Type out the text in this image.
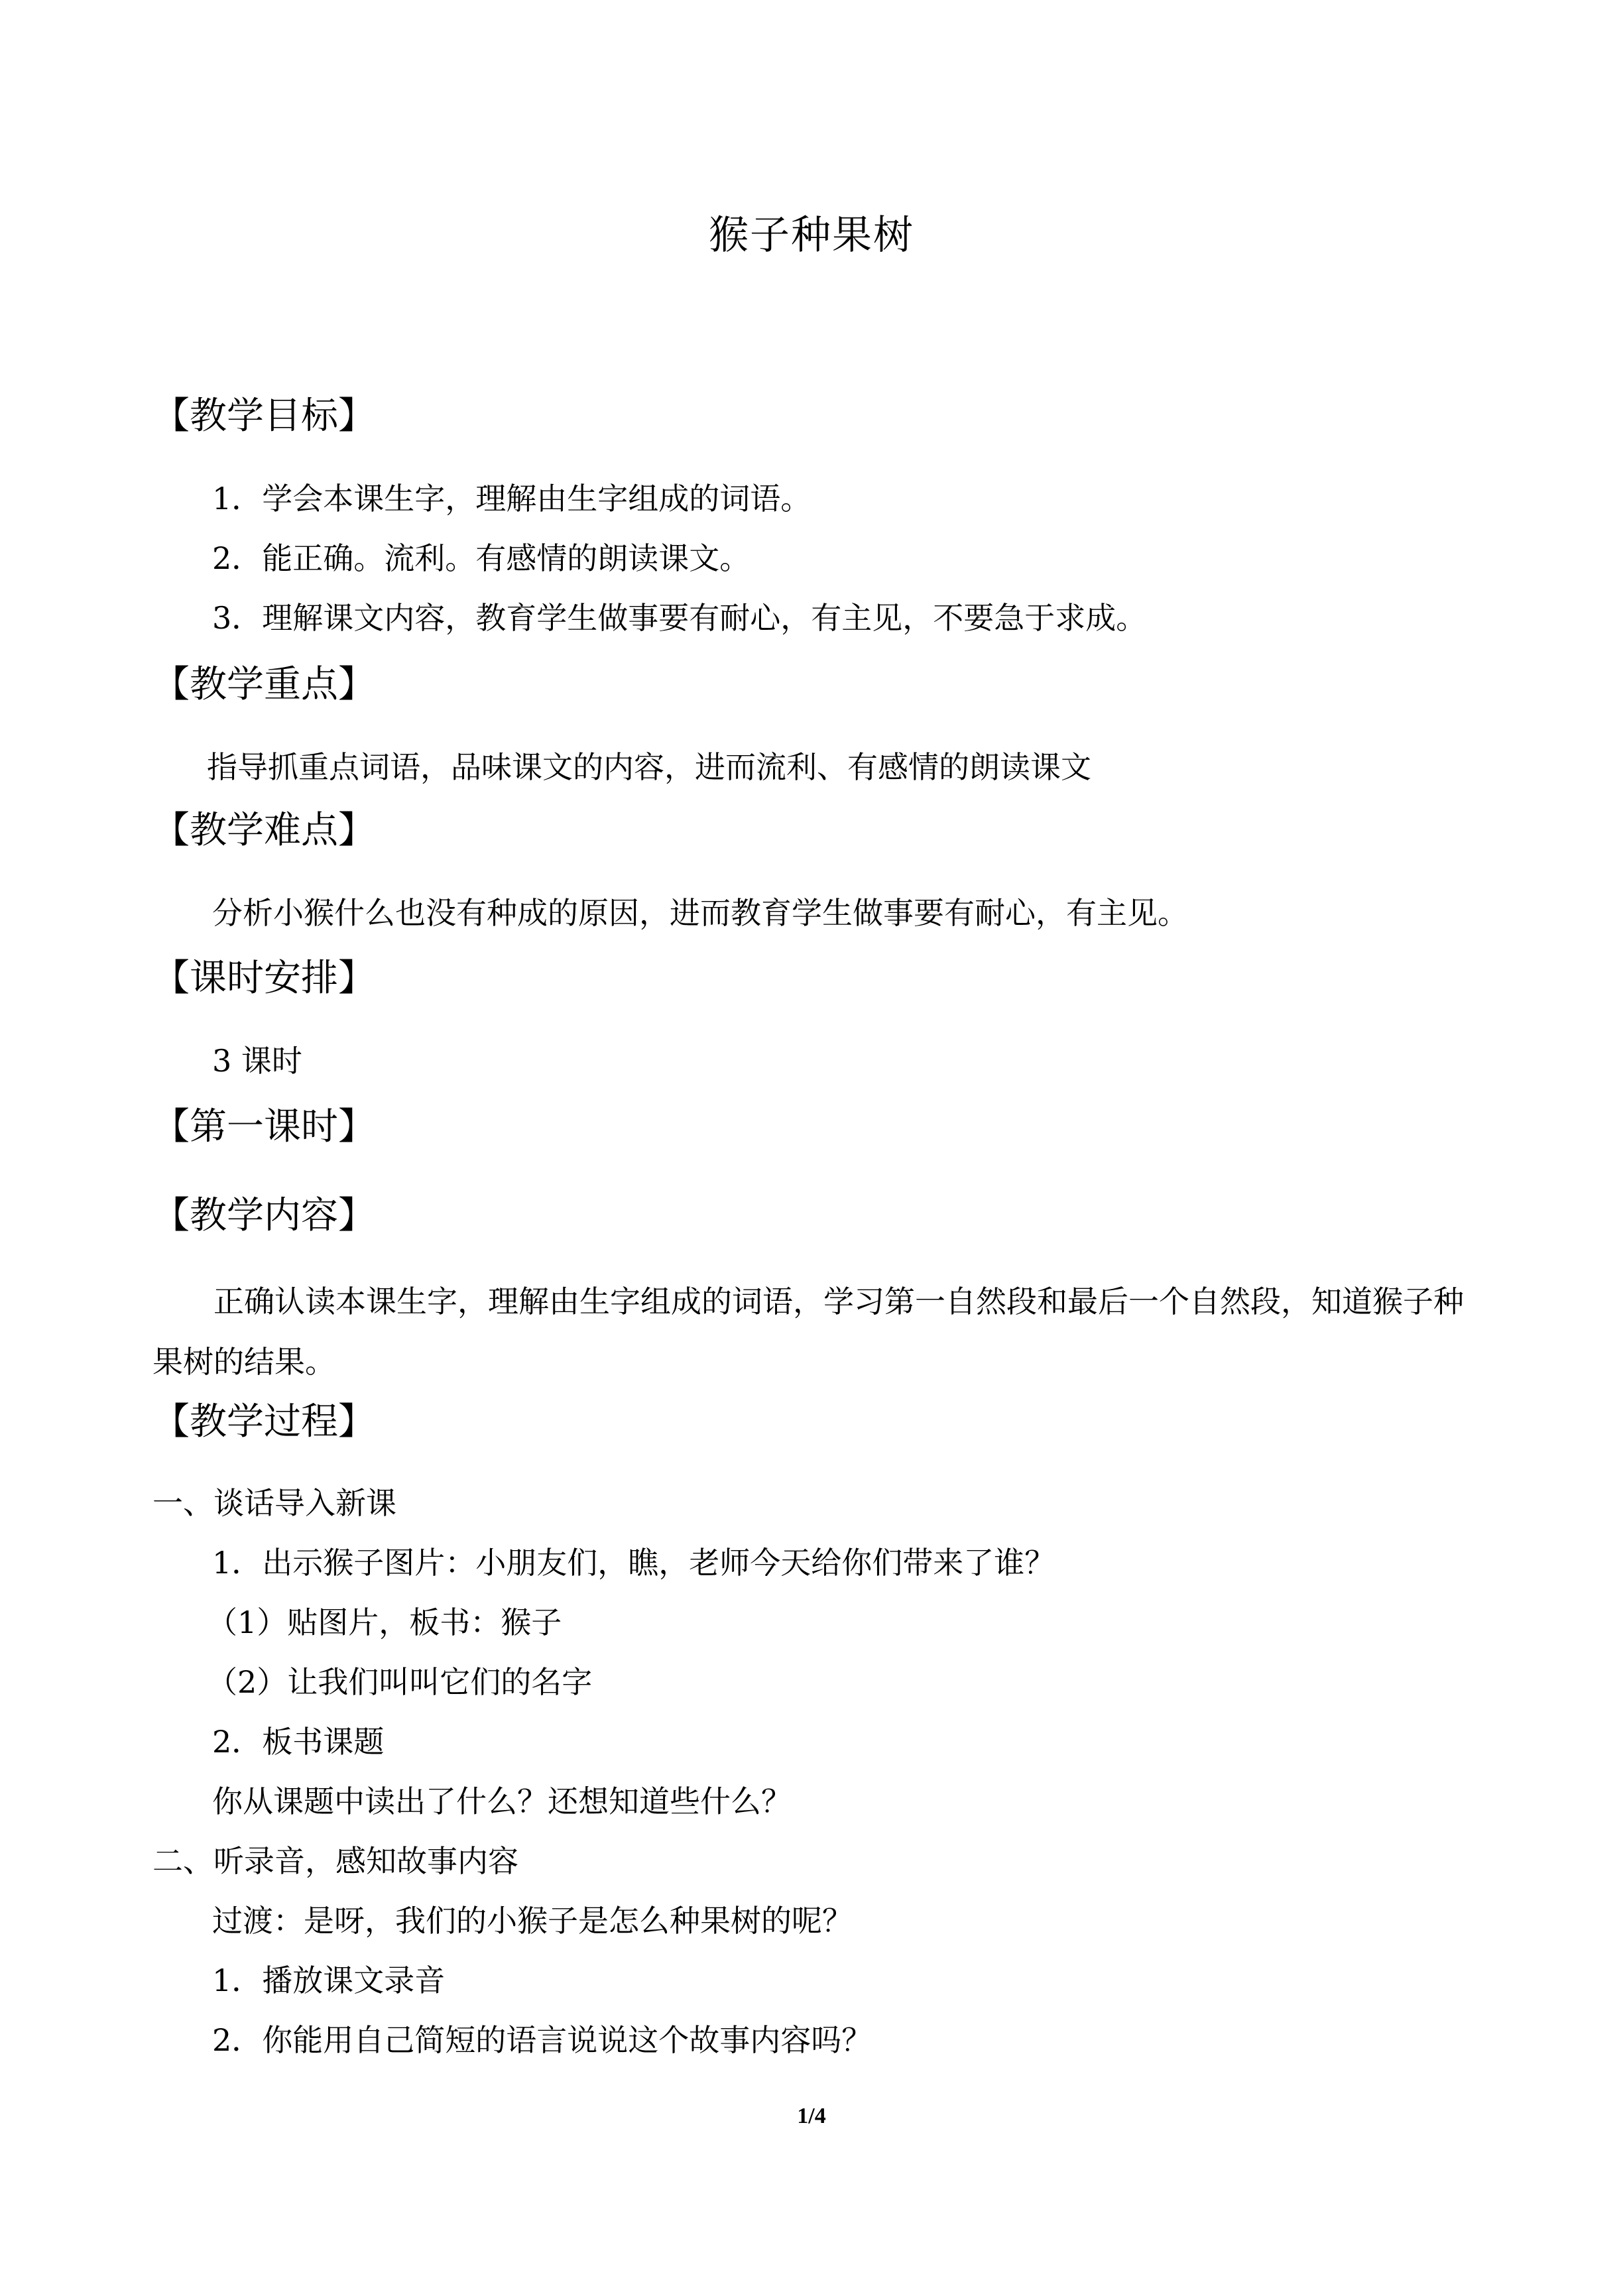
猴子种果树
【教学目标】
1．学会本课生字，理解由生字组成的词语。
2．能正确。流利。有感情的朗读课文。
3．理解课文内容，教育学生做事要有耐心，有主见，不要急于求成。
【教学重点】
指导抓重点词语，品味课文的内容，进而流利、有感情的朗读课文
【教学难点】
分析小猴什么也没有种成的原因，进而教育学生做事要有耐心，有主见。
【课时安排】
3 课时
【第一课时】
【教学内容】
正确认读本课生字，理解由生字组成的词语，学习第一自然段和最后一个自然段，知道猴子种果树的结果。
【教学过程】
一、谈话导入新课
1．出示猴子图片：小朋友们，瞧，老师今天给你们带来了谁？
（1）贴图片，板书：猴子
（2）让我们叫叫它们的名字
2．板书课题
你从课题中读出了什么？还想知道些什么？
二、听录音，感知故事内容
过渡：是呀，我们的小猴子是怎么种果树的呢？
1．播放课文录音
2．你能用自己简短的语言说说这个故事内容吗？
1/4
